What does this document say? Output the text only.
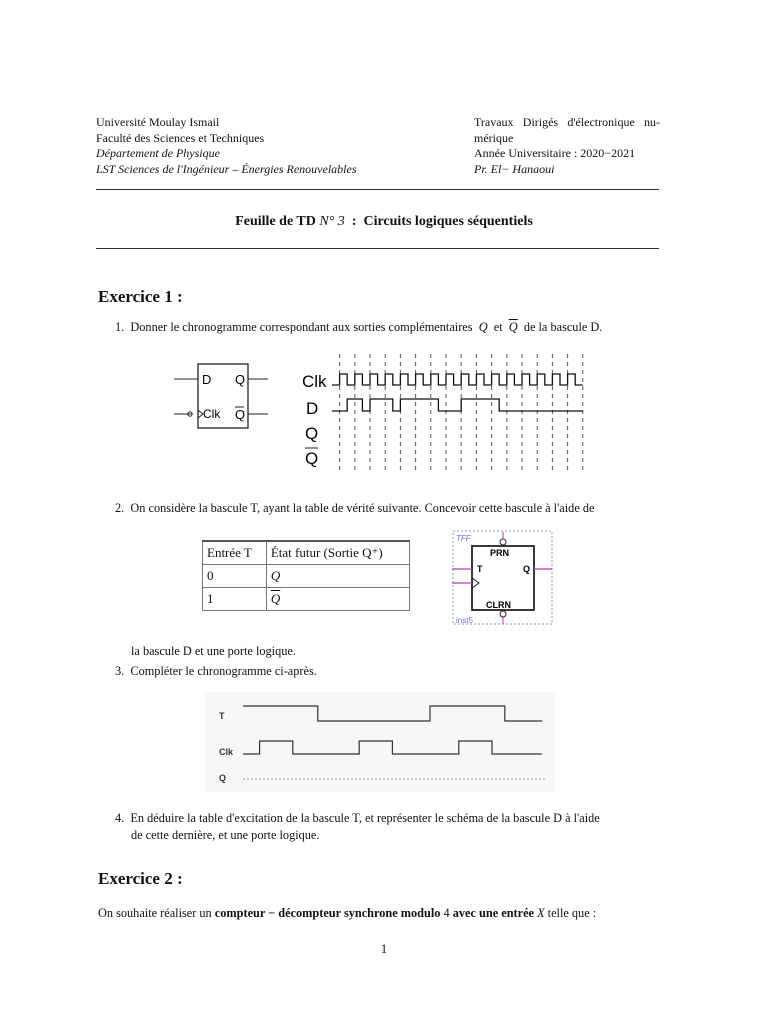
Université Moulay Ismail
Faculté des Sciences et Techniques
Département de Physique
LST Sciences de l'Ingénieur – Énergies Renouvelables
Travaux Dirigés d'électronique nu-
mérique
Année Universitaire : 2020−2021
Pr. El− Hanaoui
Feuille de TD N° 3 : Circuits logiques séquentiels
Exercice 1 :
1. Donner le chronogramme correspondant aux sorties complémentaires Q et $\overline{Q}$ de la bascule D.
D
Clk
Q
Q
Clk
D
Q
Q
2. On considère la bascule T, ayant la table de vérité suivante. Concevoir cette bascule à l'aide de
Entrée T	État futur (Sortie Q⁺)
0	Q
1	$\overline{Q}$
TFF
PRN
T	Q
CLRN
inst5
la bascule D et une porte logique.
3. Compléter le chronogramme ci-après.
T
Clk
Q
4. En déduire la table d'excitation de la bascule T, et représenter le schéma de la bascule D à l'aide
de cette dernière, et une porte logique.
Exercice 2 :
On souhaite réaliser un compteur − décompteur synchrone modulo 4 avec une entrée X telle que :
1
